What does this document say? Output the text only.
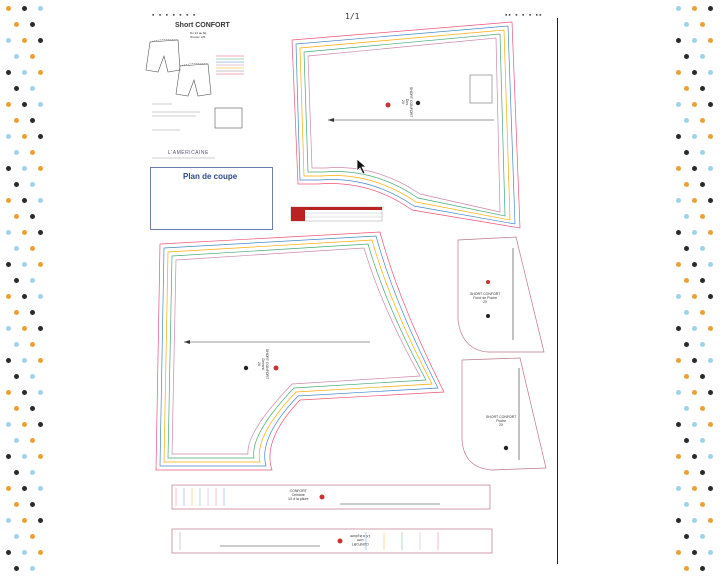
▪ ▪ ▪ ▪ ▪ ▪ ▪	1/1	▪▪ ▪ ▪ ▪ ▪▪
Short CONFORT
Du 34 au 60
Niveau: 2/6
L'AMERICAINE
Plan de coupe
SHORT CONFORT
Dos
2X
SHORT CONFORT
Devant
2X
SHORT CONFORT
Fond de Poche
2X
SHORT CONFORT
Poche
2X
CONFORT
Ceinture
1X à la pliure
CONFORT
Lien
1X à la pliure
